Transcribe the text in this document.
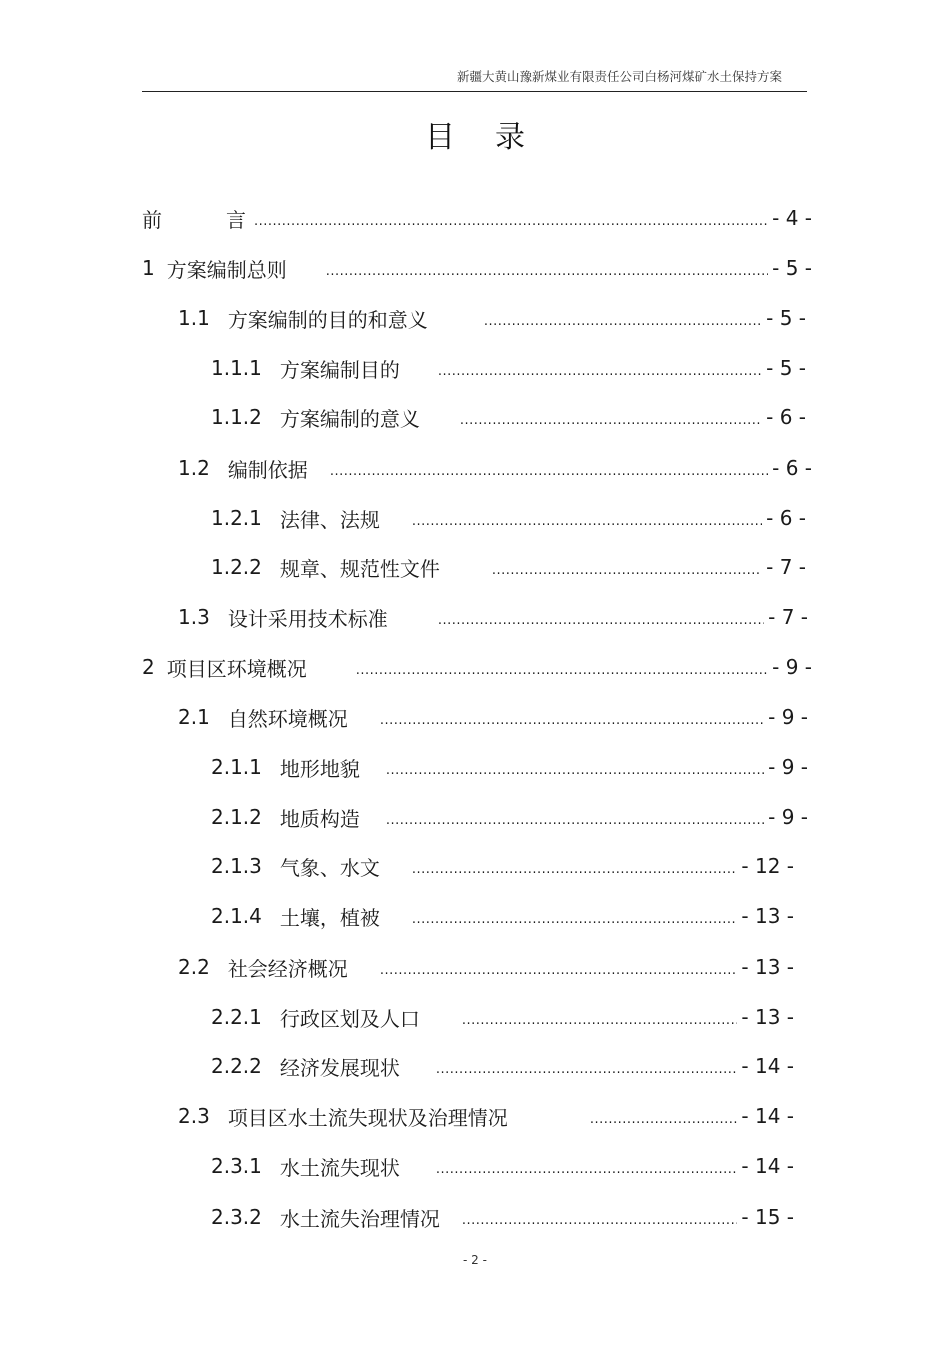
新疆大黄山豫新煤业有限责任公司白杨河煤矿水土保持方案
目录
前	言 .....	- 4 -
1 方案编制总则 .....	- 5 -
1.1 方案编制的目的和意义 .....	- 5 -
1.1.1 方案编制目的 .....	- 5 -
1.1.2 方案编制的意义 .....	- 6 -
1.2 编制依据 .....	- 6 -
1.2.1 法律、法规 .....	- 6 -
1.2.2 规章、规范性文件 .....	- 7 -
1.3 设计采用技术标准 .....	- 7 -
2 项目区环境概况 .....	- 9 -
2.1 自然环境概况 .....	- 9 -
2.1.1 地形地貌 .....	- 9 -
2.1.2 地质构造 .....	- 9 -
2.1.3 气象、水文 .....	- 12 -
2.1.4 土壤，植被 .....	- 13 -
2.2 社会经济概况 .....	- 13 -
2.2.1 行政区划及人口 .....	- 13 -
2.2.2 经济发展现状 .....	- 14 -
2.3 项目区水土流失现状及治理情况 .....	- 14 -
2.3.1 水土流失现状 .....	- 14 -
2.3.2 水土流失治理情况 .....	- 15 -
- 2 -
